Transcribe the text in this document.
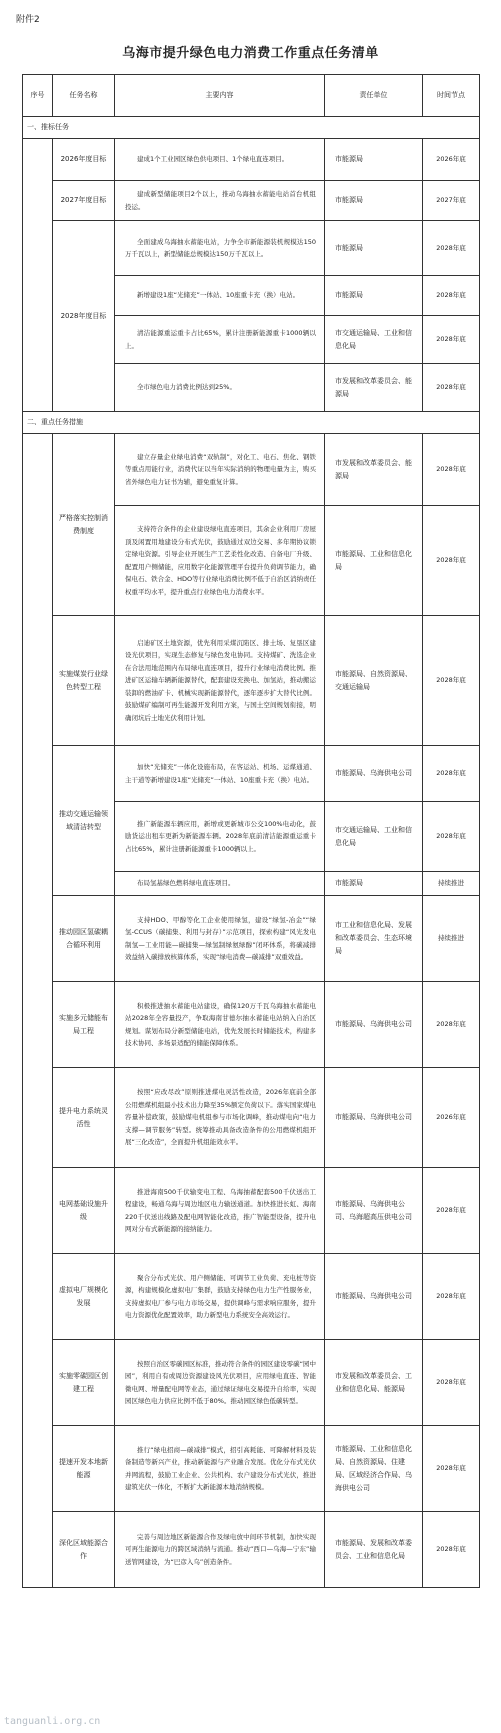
附件2
乌海市提升绿色电力消费工作重点任务清单
序号	任务名称	主要内容	责任单位	时间节点
一、推标任务				
	2026年度目标	建成1个工业园区绿色供电项目、1个绿电直连项目。	市能源局	2026年底
	2027年度目标	建成新型储能项目2个以上，推动乌海抽水蓄能电站首台机组投运。	市能源局	2027年底
	2028年度目标	全面建成乌海抽水蓄能电站，力争全市新能源装机规模达150万千瓦以上，新型储能总规模达150万千瓦以上。	市能源局	2028年底
		新增建设1座“光储充”一体站、10座重卡充（换）电站。	市能源局	2028年底
		清洁能源重运重卡占比65%，累计注册新能源重卡1000辆以上。	市交通运输局、工业和信息化局	2028年底
		全市绿色电力消费比例达到25%。	市发展和改革委员会、能源局	2028年底
二、重点任务措施				
	严格落实控制消费制度	建立存量企业绿电消费“双轨制”，对化工、电石、焦化、钢铁等重点用能行业，消费代证以当年实际消纳的物理电量为主，购买省外绿色电力证书为辅，避免重复计算。	市发展和改革委员会、能源局	2028年底
		支持符合条件的企业建设绿电直连项目，其余企业利用厂房屋顶及闲置用地建设分布式光伏，鼓励通过双边交易、多年期协议锁定绿电资源。引导企业开展生产工艺柔性化改造、自备电厂升级、配置用户侧储能，应用数字化能源管理平台提升负荷调节能力，确保电石、铁合金、HDO等行业绿电消费比例不低于自治区消纳责任权重平均水平，提升重点行业绿色电力消费水平。	市能源局、工业和信息化局	2028年底
	实施煤炭行业绿色转型工程	启迪矿区土地资源，优先利用采煤沉陷区、排土场、复垦区建设光伏项目，实现生态修复与绿色发电协同。支持煤矿、洗选企业在合法用地范围内布局绿电直连项目，提升行业绿电消费比例。推进矿区运输车辆新能源替代，配套建设充换电、加氢站，推动搬运装卸的燃油矿卡、机械实现新能源替代，逐年逐步扩大替代比例。鼓励煤矿编制可再生能源开发利用方案，与国土空间规划衔接，明确闭坑后土地光伏利用计划。	市能源局、自然资源局、交通运输局	2028年底
	推动交通运输领域清洁转型	加快“光储充”一体化设施布局，在客运站、机场、运煤通道、主干道等新增建设1座“光储充”一体站、10座重卡充（换）电站。	市能源局、乌海供电公司	2028年底
		推广新能源车辆应用，新增或更新城市公交100%电动化，鼓励货运出租车更新为新能源车辆。2028年底前清洁能源重运重卡占比65%，累计注册新能源重卡1000辆以上。	市交通运输局、工业和信息化局	2028年底
		布局氢基绿色燃料绿电直连项目。	市能源局	持续推进
	推动园区氢碳耦合循环利用	支持HDO、甲醇等化工企业使用绿氢，建设“绿氢-冶金”“绿氢-CCUS（碳捕集、利用与封存）”示范项目，探索构建“风光发电制氢—工业用能—碳捕集—绿氢制绿氨绿醇”闭环体系，将碳减排效益纳入碳排放核算体系，实现“绿电消费—碳减排”双重效益。	市工业和信息化局、发展和改革委员会、生态环境局	持续推进
	实施多元储能布局工程	积极推进抽水蓄能电站建设，确保120万千瓦乌海抽水蓄能电站2028年全容量投产，争取海南甘德尔抽水蓄能电站纳入自治区规划。谋划布局分新型储能电站，优先发展长时储能技术，构建多技术协同、多场景适配的储能保障体系。	市能源局、乌海供电公司	2028年底
	提升电力系统灵活性	按照“应改尽改”原则推进煤电灵活性改造，2026年底前全部公用燃煤机组最小技术出力降至35%额定负荷以下。落实国家煤电容量补偿政策，鼓励煤电机组参与市场化调峰，推动煤电向“电力支撑—调节服务”转型。统筹推动具备改造条件的公用燃煤机组开展“三化改造”，全面提升机组能效水平。	市能源局、乌海供电公司	2026年底
	电网基础设施升级	推进海南500千伏输变电工程、乌海抽蓄配套500千伏送出工程建设，畅通乌海与周边地区电力输送通道。加快推进长虹、海南220千伏送出线路及配电网智能化改造，推广智能型设备，提升电网对分布式新能源的接纳能力。	市能源局、乌海供电公司、乌海超高压供电公司	2028年底
	虚拟电厂规模化发展	聚合分布式光伏、用户侧储能、可调节工业负荷、充电桩等资源，构建规模化虚拟电厂集群，鼓励支持绿色电力生产性服务业，支持虚拟电厂参与电力市场交易，提供调峰与需求响应服务，提升电力资源优化配置效率，助力新型电力系统安全高效运行。	市能源局、乌海供电公司	2028年底
	实施零碳园区创建工程	按照自治区零碳园区标准，推动符合条件的园区建设零碳“园中园”，利用自有或周边资源建设风光伏项目，应用绿电直连、智能微电网、增量配电网等业态，通过绿证绿电交易提升自给率，实现园区绿色电力供应比例不低于80%。推动园区绿色低碳转型。	市发展和改革委员会、工业和信息化局、能源局	2028年底
	提速开发本地新能源	推行“绿电招商—碳减排”模式，招引高耗能、可降解材料及装备制造等新兴产业，推动新能源与产业融合发展。优化分布式光伏并网流程，鼓励工业企业、公共机构、农户建设分布式光伏，推进建筑光伏一体化，不断扩大新能源本地消纳规模。	市能源局、工业和信息化局、自然资源局、住建局、区域经济合作局、乌海供电公司	2028年底
	深化区域能源合作	完善与周边地区新能源合作及绿电放中间环节机制，加快实现可再生能源电力的跨区域消纳与流通。推动“西口—乌海—宁东”输送管网建设，为“巴彦入乌”创造条件。	市能源局、发展和改革委员会、工业和信息化局	2028年底
tanguanli.org.cn
